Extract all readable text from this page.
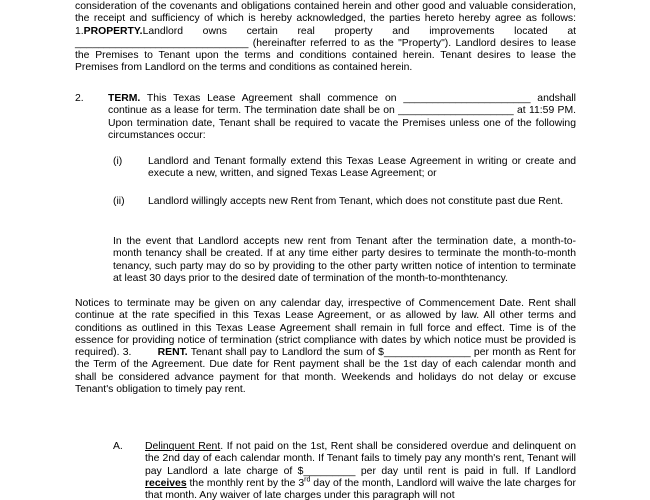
consideration of the covenants and obligations contained herein and other good and valuable consideration, the receipt and sufficiency of which is hereby acknowledged, the parties hereto hereby agree as follows: 1.PROPERTY.Landlord owns certain real property and improvements located at ______________________________ (hereinafter referred to as the "Property"). Landlord desires to lease the Premises to Tenant upon the terms and conditions contained herein. Tenant desires to lease the Premises from Landlord on the terms and conditions as contained herein.

2. TERM. This Texas Lease Agreement shall commence on ______________________ andshall continue as a lease for term. The termination date shall be on ____________________ at 11:59 PM. Upon termination date, Tenant shall be required to vacate the Premises unless one of the following circumstances occur:

(i) Landlord and Tenant formally extend this Texas Lease Agreement in writing or create and execute a new, written, and signed Texas Lease Agreement; or

(ii) Landlord willingly accepts new Rent from Tenant, which does not constitute past due Rent.

In the event that Landlord accepts new rent from Tenant after the termination date, a month-to-month tenancy shall be created. If at any time either party desires to terminate the month-to-month tenancy, such party may do so by providing to the other party written notice of intention to terminate at least 30 days prior to the desired date of termination of the month-to-monthtenancy.

Notices to terminate may be given on any calendar day, irrespective of Commencement Date. Rent shall continue at the rate specified in this Texas Lease Agreement, or as allowed by law. All other terms and conditions as outlined in this Texas Lease Agreement shall remain in full force and effect. Time is of the essence for providing notice of termination (strict compliance with dates by which notice must be provided is required). 3.	RENT. Tenant shall pay to Landlord the sum of $_______________ per month as Rent for the Term of the Agreement. Due date for Rent payment shall be the 1st day of each calendar month and shall be considered advance payment for that month. Weekends and holidays do not delay or excuse Tenant's obligation to timely pay rent.

A. Delinquent Rent. If not paid on the 1st, Rent shall be considered overdue and delinquent on the 2nd day of each calendar month. If Tenant fails to timely pay any month's rent, Tenant will pay Landlord a late charge of $_________ per day until rent is paid in full. If Landlord receives the monthly rent by the 3rd day of the month, Landlord will waive the late charges for that month. Any waiver of late charges under this paragraph will not
